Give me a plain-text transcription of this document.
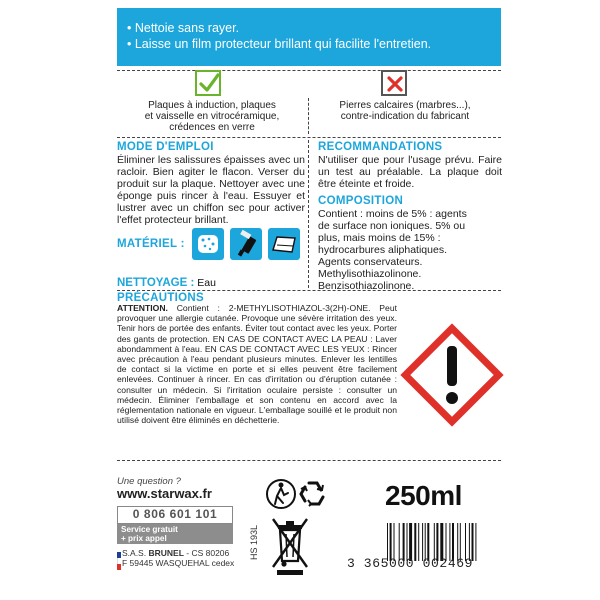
• Nettoie sans rayer.
• Laisse un film protecteur brillant qui facilite l'entretien.
Plaques à induction, plaques
et vaisselle en vitrocéramique,
crédences en verre
Pierres calcaires (marbres...),
contre-indication du fabricant
MODE D'EMPLOI
Éliminer les salissures épaisses avec un racloir. Bien agiter le flacon. Verser du produit sur la plaque. Nettoyer avec une éponge puis rincer à l'eau. Essuyer et lustrer avec un chiffon sec pour activer l'effet protecteur brillant.
RECOMMANDATIONS
N'utiliser que pour l'usage prévu. Faire un test au préalable. La plaque doit être éteinte et froide.
COMPOSITION
Contient : moins de 5% : agents
de surface non ioniques. 5% ou
plus, mais moins de 15% :
hydrocarbures aliphatiques.
Agents conservateurs.
Methylisothiazolinone.
Benzisothiazolinone.
MATÉRIEL :
NETTOYAGE : Eau
PRÉCAUTIONS
ATTENTION. Contient : 2-METHYLISOTHIAZOL-3(2H)-ONE. Peut provoquer une allergie cutanée. Provoque une sévère irritation des yeux. Tenir hors de portée des enfants. Éviter tout contact avec les yeux. Porter des gants de protection. EN CAS DE CONTACT AVEC LA PEAU : Laver abondamment à l'eau. EN CAS DE CONTACT AVEC LES YEUX : Rincer avec précaution à l'eau pendant plusieurs minutes. Enlever les lentilles de contact si la victime en porte et si elles peuvent être facilement enlevées. Continuer à rincer. En cas d'irritation ou d'éruption cutanée : consulter un médecin. Si l'irritation oculaire persiste : consulter un médecin. Éliminer l'emballage et son contenu en accord avec la réglementation nationale en vigueur. L'emballage souillé et le produit non utilisé doivent être éliminés en déchetterie.
Une question ?
www.starwax.fr
0 806 601 101
Service gratuit
+ prix appel
S.A.S. BRUNEL - CS 80206
F 59445 WASQUEHAL cedex
HS 193L
250ml
3 365000 002469
